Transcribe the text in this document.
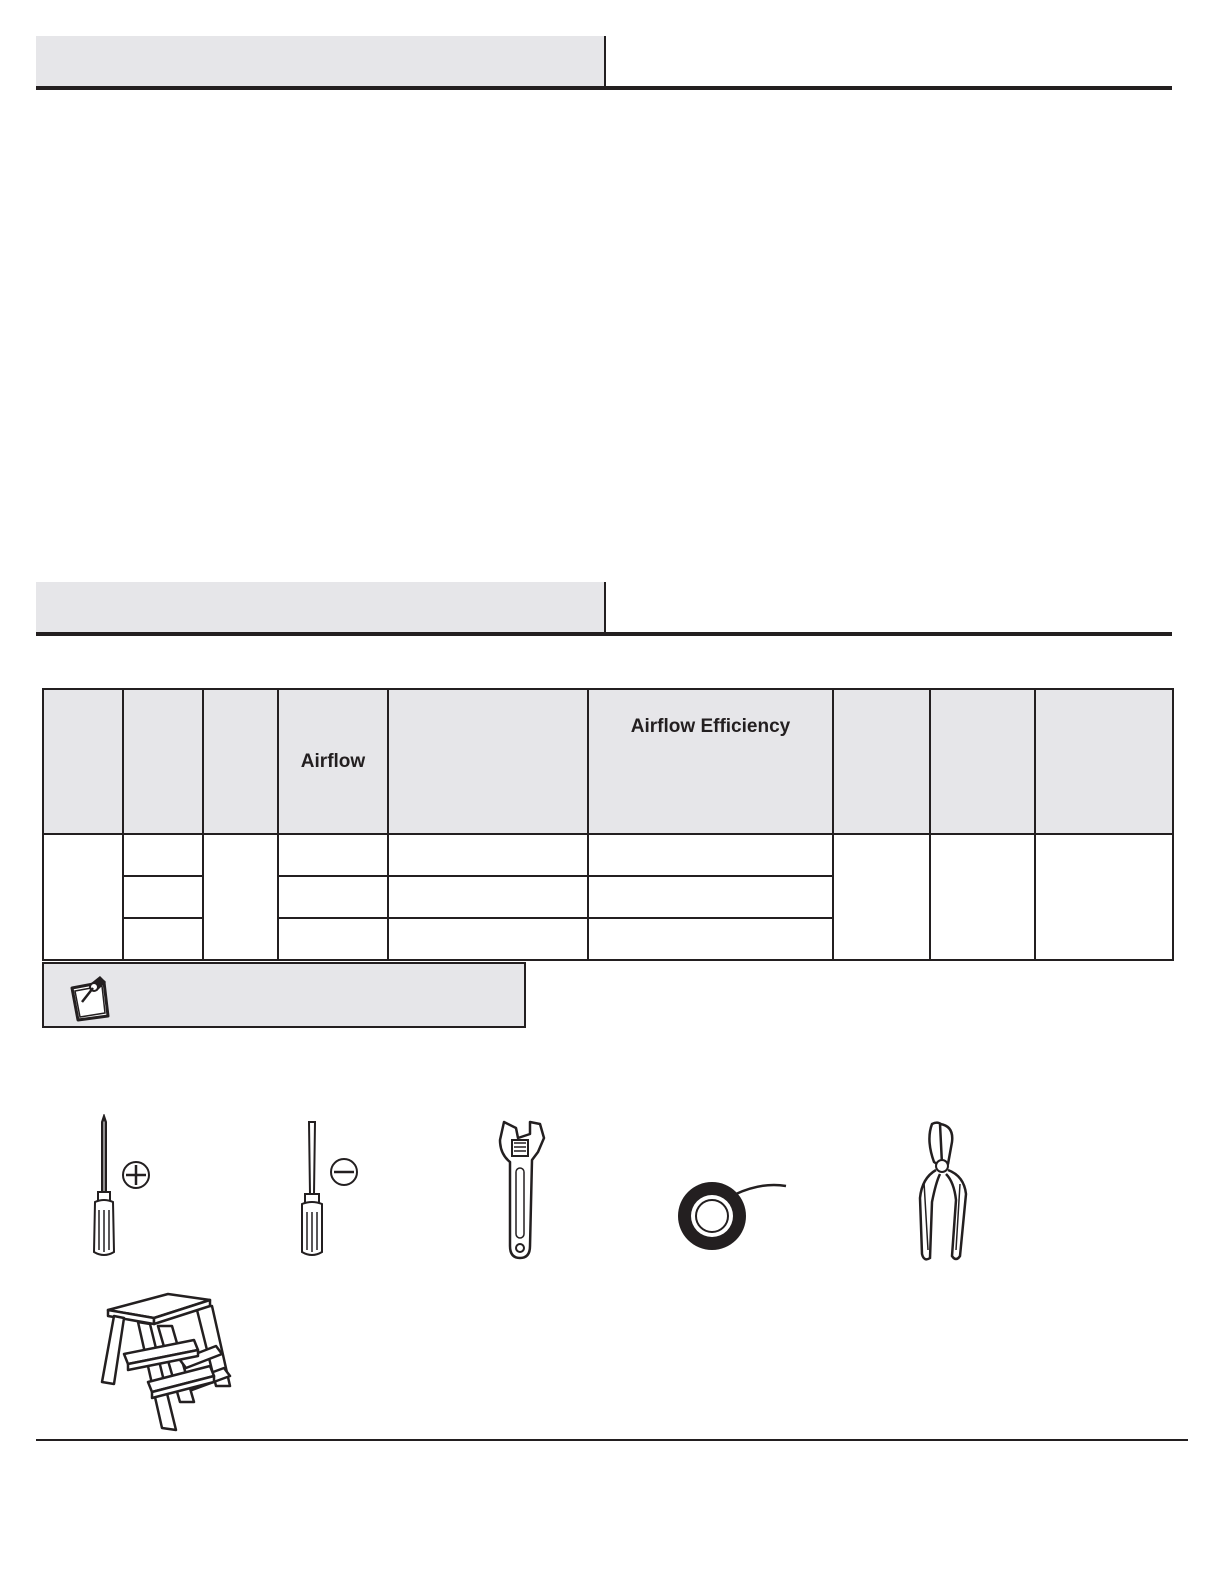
			Airflow		Airflow Efficiency			
